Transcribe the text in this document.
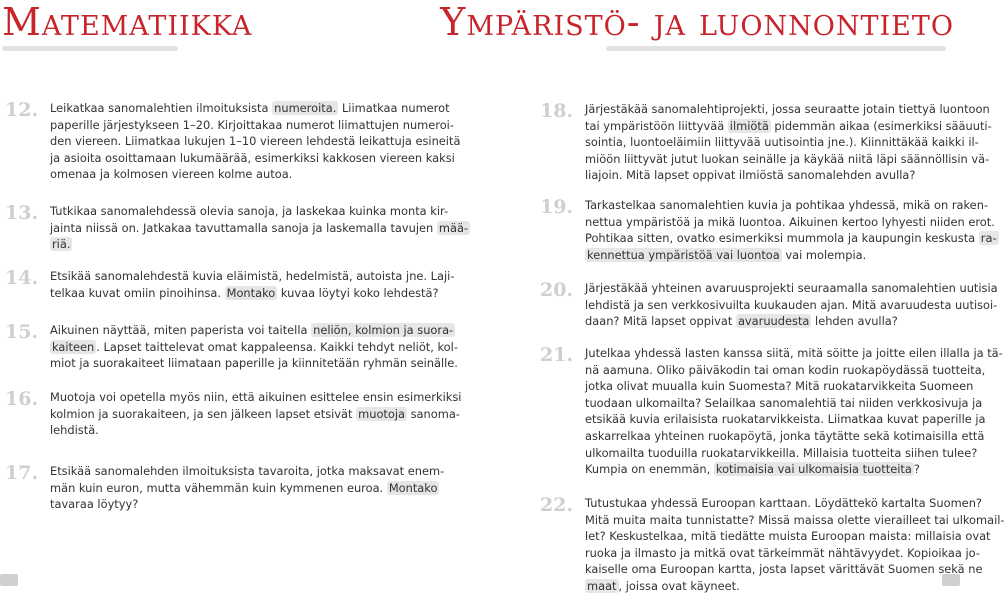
Matematiikka	Ympäristö- ja luonnontieto
12. Leikatkaa sanomalehtien ilmoituksista numeroita. Liimatkaa numerot
paperille järjestykseen 1–20. Kirjoittakaa numerot liimattujen numeroi-
den viereen. Liimatkaa lukujen 1–10 viereen lehdestä leikattuja esineitä
ja asioita osoittamaan lukumäärää, esimerkiksi kakkosen viereen kaksi
omenaa ja kolmosen viereen kolme autoa.
13. Tutkikaa sanomalehdessä olevia sanoja, ja laskekaa kuinka monta kir-
jainta niissä on. Jatkakaa tavuttamalla sanoja ja laskemalla tavujen mää-
riä.
14. Etsikää sanomalehdestä kuvia eläimistä, hedelmistä, autoista jne. Laji-
telkaa kuvat omiin pinoihinsa. Montako kuvaa löytyi koko lehdestä?
15. Aikuinen näyttää, miten paperista voi taitella neliön, kolmion ja suora-
kaiteen . Lapset taittelevat omat kappaleensa. Kaikki tehdyt neliöt, kol-
miot ja suorakaiteet liimataan paperille ja kiinnitetään ryhmän seinälle.
16. Muotoja voi opetella myös niin, että aikuinen esittelee ensin esimerkiksi
kolmion ja suorakaiteen, ja sen jälkeen lapset etsivät muotoja sanoma-
lehdistä.
17. Etsikää sanomalehden ilmoituksista tavaroita, jotka maksavat enem-
män kuin euron, mutta vähemmän kuin kymmenen euroa. Montako
tavaraa löytyy?
18. Järjestäkää sanomalehtiprojekti, jossa seuraatte jotain tiettyä luontoon
tai ympäristöön liittyvää ilmiötä pidemmän aikaa (esimerkiksi sääuuti-
sointia, luontoeläimiin liittyvää uutisointia jne.). Kiinnittäkää kaikki il-
miöön liittyvät jutut luokan seinälle ja käykää niitä läpi säännöllisin vä-
liajoin. Mitä lapset oppivat ilmiöstä sanomalehden avulla?
19. Tarkastelkaa sanomalehtien kuvia ja pohtikaa yhdessä, mikä on raken-
nettua ympäristöä ja mikä luontoa. Aikuinen kertoo lyhyesti niiden erot.
Pohtikaa sitten, ovatko esimerkiksi mummola ja kaupungin keskusta ra-
kennettua ympäristöä vai luontoa vai molempia.
20. Järjestäkää yhteinen avaruusprojekti seuraamalla sanomalehtien uutisia
lehdistä ja sen verkkosivuilta kuukauden ajan. Mitä avaruudesta uutisoi-
daan? Mitä lapset oppivat avaruudesta lehden avulla?
21. Jutelkaa yhdessä lasten kanssa siitä, mitä söitte ja joitte eilen illalla ja tä-
nä aamuna. Oliko päiväkodin tai oman kodin ruokapöydässä tuotteita,
jotka olivat muualla kuin Suomesta? Mitä ruokatarvikkeita Suomeen
tuodaan ulkomailta? Selailkaa sanomalehtiä tai niiden verkkosivuja ja
etsikää kuvia erilaisista ruokatarvikkeista. Liimatkaa kuvat paperille ja
askarrelkaa yhteinen ruokapöytä, jonka täytätte sekä kotimaisilla että
ulkomailta tuoduilla ruokatarvikkeilla. Millaisia tuotteita siihen tulee?
Kumpia on enemmän, kotimaisia vai ulkomaisia tuotteita ?
22. Tutustukaa yhdessä Euroopan karttaan. Löydättekö kartalta Suomen?
Mitä muita maita tunnistatte? Missä maissa olette vierailleet tai ulkomail-
let? Keskustelkaa, mitä tiedätte muista Euroopan maista: millaisia ovat
ruoka ja ilmasto ja mitkä ovat tärkeimmät nähtävyydet. Kopioikaa jo-
kaiselle oma Euroopan kartta, josta lapset värittävät Suomen sekä ne
maat , joissa ovat käyneet.
